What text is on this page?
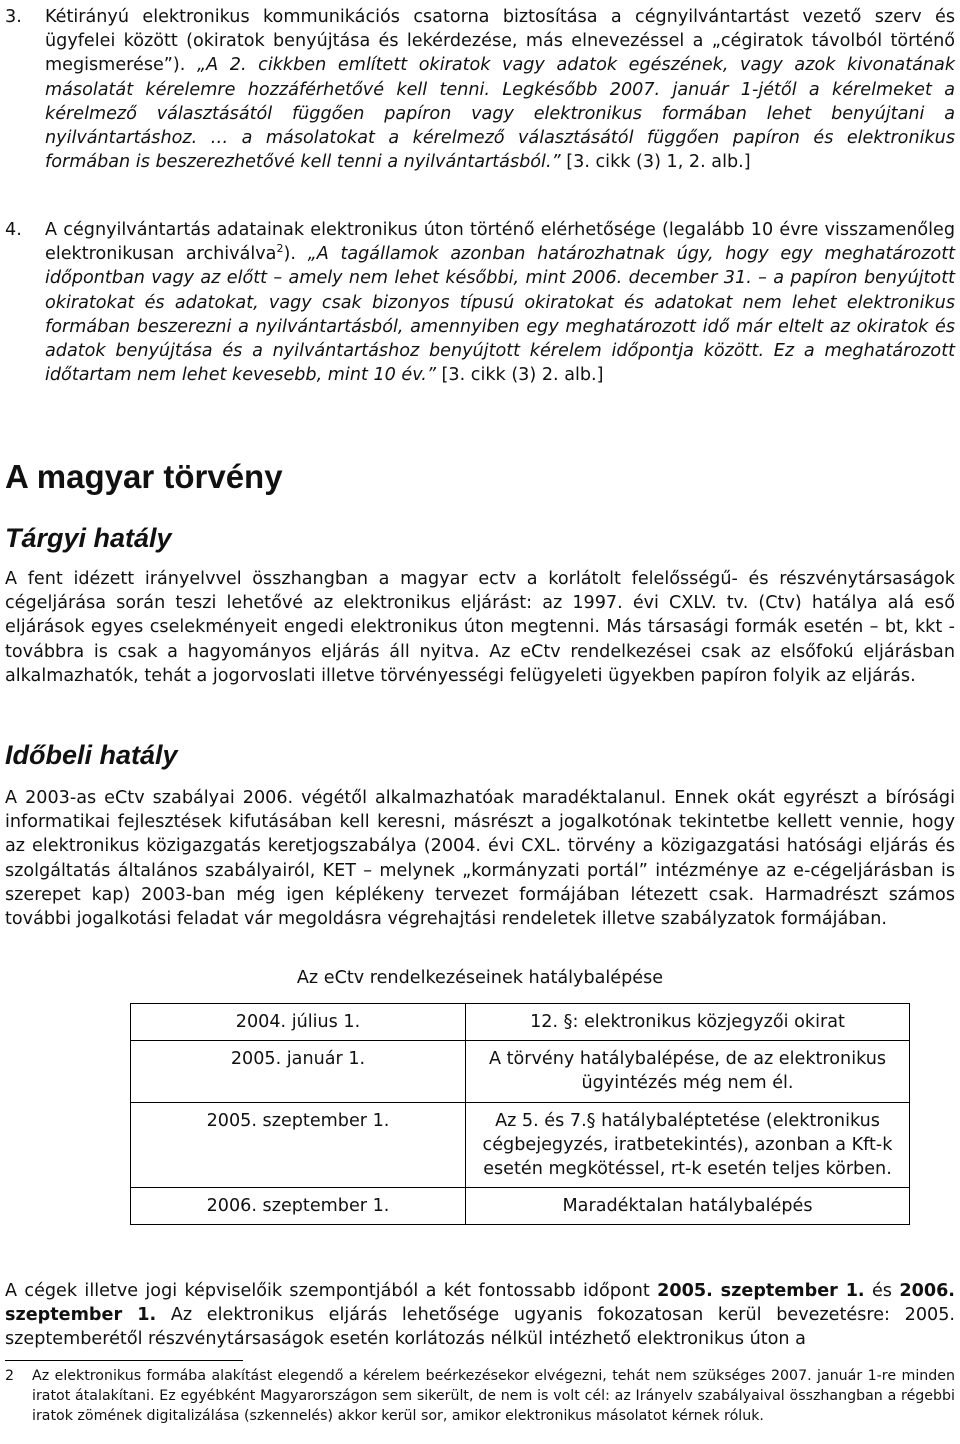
3.	Kétirányú elektronikus kommunikációs csatorna biztosítása a cégnyilvántartást vezető szerv és ügyfelei között (okiratok benyújtása és lekérdezése, más elnevezéssel a „cégiratok távolból történő megismerése”). „A 2. cikkben említett okiratok vagy adatok egészének, vagy azok kivonatának másolatát kérelemre hozzáférhetővé kell tenni. Legkésőbb 2007. január 1-jétől a kérelmeket a kérelmező választásától függően papíron vagy elektronikus formában lehet benyújtani a nyilvántartáshoz. … a másolatokat a kérelmező választásától függően papíron és elektronikus formában is beszerezhetővé kell tenni a nyilvántartásból.” [3. cikk (3) 1, 2. alb.]
4.	A cégnyilvántartás adatainak elektronikus úton történő elérhetősége (legalább 10 évre visszamenőleg elektronikusan archiválva$^2$). „A tagállamok azonban határozhatnak úgy, hogy egy meghatározott időpontban vagy az előtt – amely nem lehet későbbi, mint 2006. december 31. – a papíron benyújtott okiratokat és adatokat, vagy csak bizonyos típusú okiratokat és adatokat nem lehet elektronikus formában beszerezni a nyilvántartásból, amennyiben egy meghatározott idő már eltelt az okiratok és adatok benyújtása és a nyilvántartáshoz benyújtott kérelem időpontja között. Ez a meghatározott időtartam nem lehet kevesebb, mint 10 év.” [3. cikk (3) 2. alb.]
A magyar törvény
Tárgyi hatály

A fent idézett irányelvvel összhangban a magyar ectv a korlátolt felelősségű- és részvénytársaságok cégeljárása során teszi lehetővé az elektronikus eljárást: az 1997. évi CXLV. tv. (Ctv) hatálya alá eső eljárások egyes cselekményeit engedi elektronikus úton megtenni. Más társasági formák esetén – bt, kkt - továbbra is csak a hagyományos eljárás áll nyitva. Az eCtv rendelkezései csak az elsőfokú eljárásban alkalmazhatók, tehát a jogorvoslati illetve törvényességi felügyeleti ügyekben papíron folyik az eljárás.

Időbeli hatály

A 2003-as eCtv szabályai 2006. végétől alkalmazhatóak maradéktalanul. Ennek okát egyrészt a bírósági informatikai fejlesztések kifutásában kell keresni, másrészt a jogalkotónak tekintetbe kellett vennie, hogy az elektronikus közigazgatás keretjogszabálya (2004. évi CXL. törvény a közigazgatási hatósági eljárás és szolgáltatás általános szabályairól, KET – melynek „kormányzati portál” intézménye az e-cégeljárásban is szerepet kap) 2003-ban még igen képlékeny tervezet formájában létezett csak. Harmadrészt számos további jogalkotási feladat vár megoldásra végrehajtási rendeletek illetve szabályzatok formájában.

Az eCtv rendelkezéseinek hatálybalépése
2004. július 1.	12. §: elektronikus közjegyzői okirat
2005. január 1.	A törvény hatálybalépése, de az elektronikus ügyintézés még nem él.
2005. szeptember 1.	Az 5. és 7.§ hatálybaléptetése (elektronikus cégbejegyzés, iratbetekintés), azonban a Kft-k esetén megkötéssel, rt-k esetén teljes körben.
2006. szeptember 1.	Maradéktalan hatálybalépés

A cégek illetve jogi képviselőik szempontjából a két fontossabb időpont 2005. szeptember 1. és 2006. szeptember 1. Az elektronikus eljárás lehetősége ugyanis fokozatosan kerül bevezetésre: 2005. szeptemberétől részvénytársaságok esetén korlátozás nélkül intézhető elektronikus úton a

2 Az elektronikus formába alakítást elegendő a kérelem beérkezésekor elvégezni, tehát nem szükséges 2007. január 1-re minden iratot átalakítani. Ez egyébként Magyarországon sem sikerült, de nem is volt cél: az Irányelv szabályaival összhangban a régebbi iratok zömének digitalizálása (szkennelés) akkor kerül sor, amikor elektronikus másolatot kérnek róluk.
